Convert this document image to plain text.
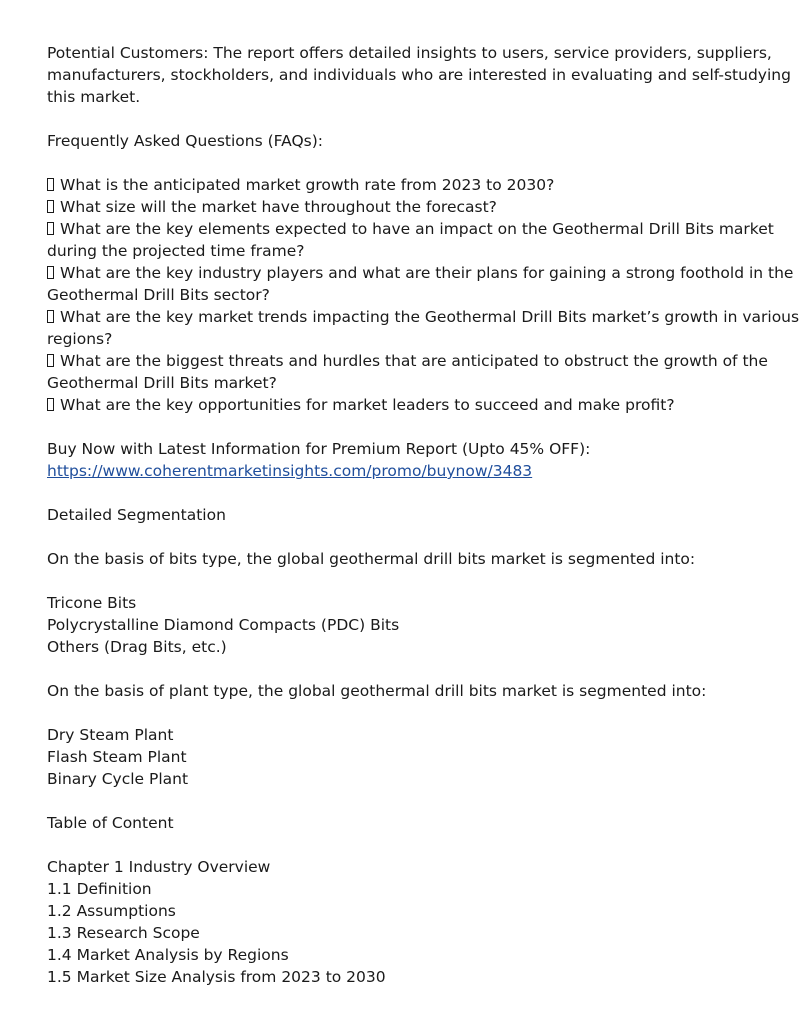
Potential Customers: The report offers detailed insights to users, service providers, suppliers,
manufacturers, stockholders, and individuals who are interested in evaluating and self-studying
this market.
Frequently Asked Questions (FAQs):
What is the anticipated market growth rate from 2023 to 2030?
What size will the market have throughout the forecast?
What are the key elements expected to have an impact on the Geothermal Drill Bits market
during the projected time frame?
What are the key industry players and what are their plans for gaining a strong foothold in the
Geothermal Drill Bits sector?
What are the key market trends impacting the Geothermal Drill Bits market’s growth in various
regions?
What are the biggest threats and hurdles that are anticipated to obstruct the growth of the
Geothermal Drill Bits market?
What are the key opportunities for market leaders to succeed and make profit?
Buy Now with Latest Information for Premium Report (Upto 45% OFF):
https://www.coherentmarketinsights.com/promo/buynow/3483
Detailed Segmentation
On the basis of bits type, the global geothermal drill bits market is segmented into:
Tricone Bits
Polycrystalline Diamond Compacts (PDC) Bits
Others (Drag Bits, etc.)
On the basis of plant type, the global geothermal drill bits market is segmented into:
Dry Steam Plant
Flash Steam Plant
Binary Cycle Plant
Table of Content
Chapter 1 Industry Overview
1.1 Definition
1.2 Assumptions
1.3 Research Scope
1.4 Market Analysis by Regions
1.5 Market Size Analysis from 2023 to 2030
